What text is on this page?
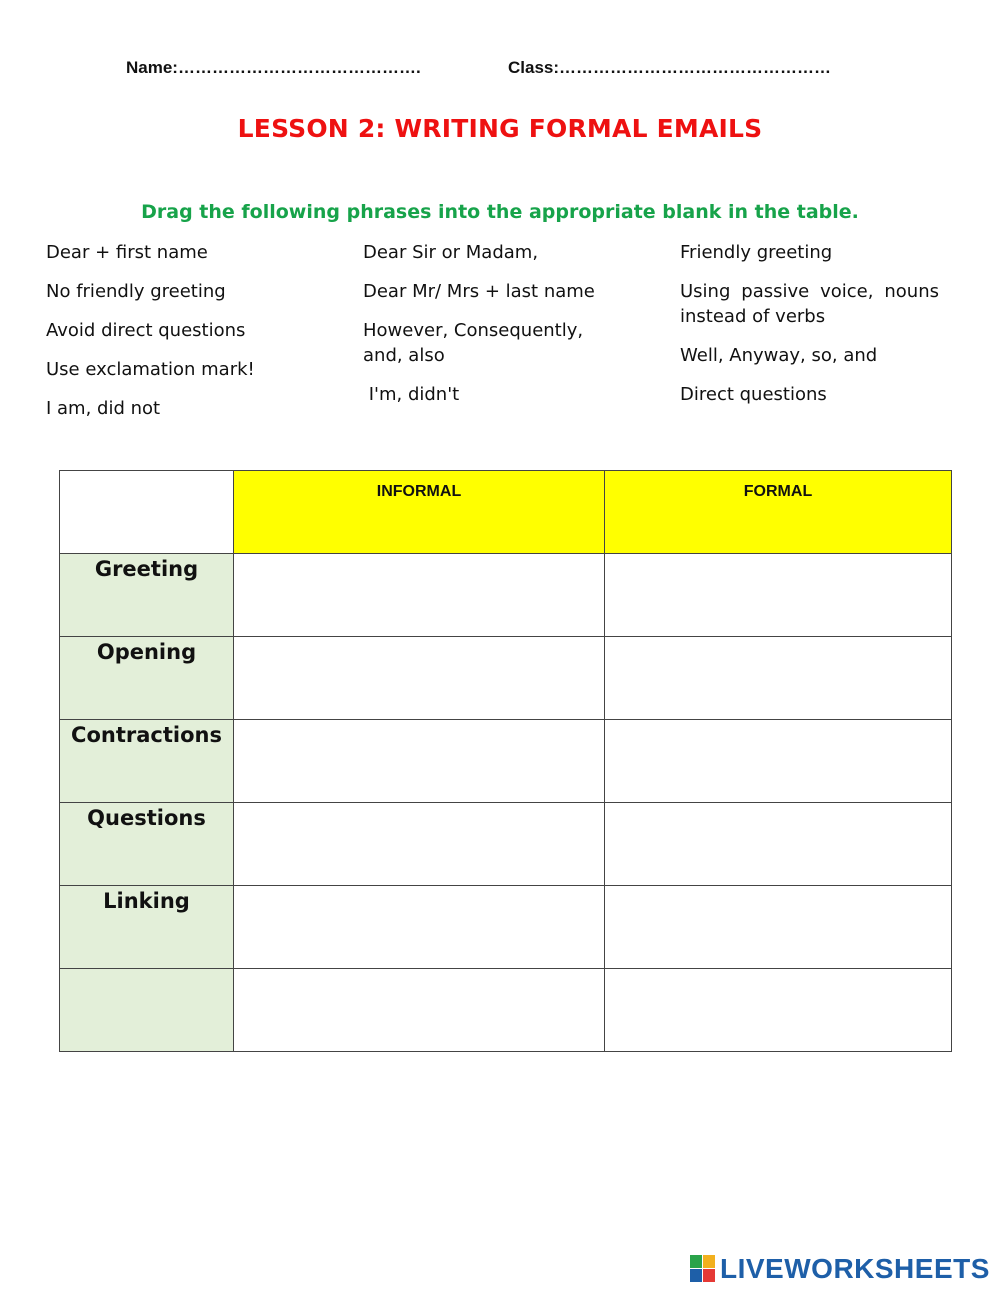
Name:…………………………………….	Class:…………………………………………
LESSON 2: WRITING FORMAL EMAILS
Drag the following phrases into the appropriate blank in the table.
Dear + first name
No friendly greeting
Avoid direct questions
Use exclamation mark!
I am, did not
Dear Sir or Madam,
Dear Mr/ Mrs + last name
However, Consequently, and, also
I'm, didn't
Friendly greeting
Using passive voice, nouns instead of verbs
Well, Anyway, so, and
Direct questions
	INFORMAL	FORMAL
Greeting		
Opening		
Contractions		
Questions		
Linking		

LIVEWORKSHEETS
